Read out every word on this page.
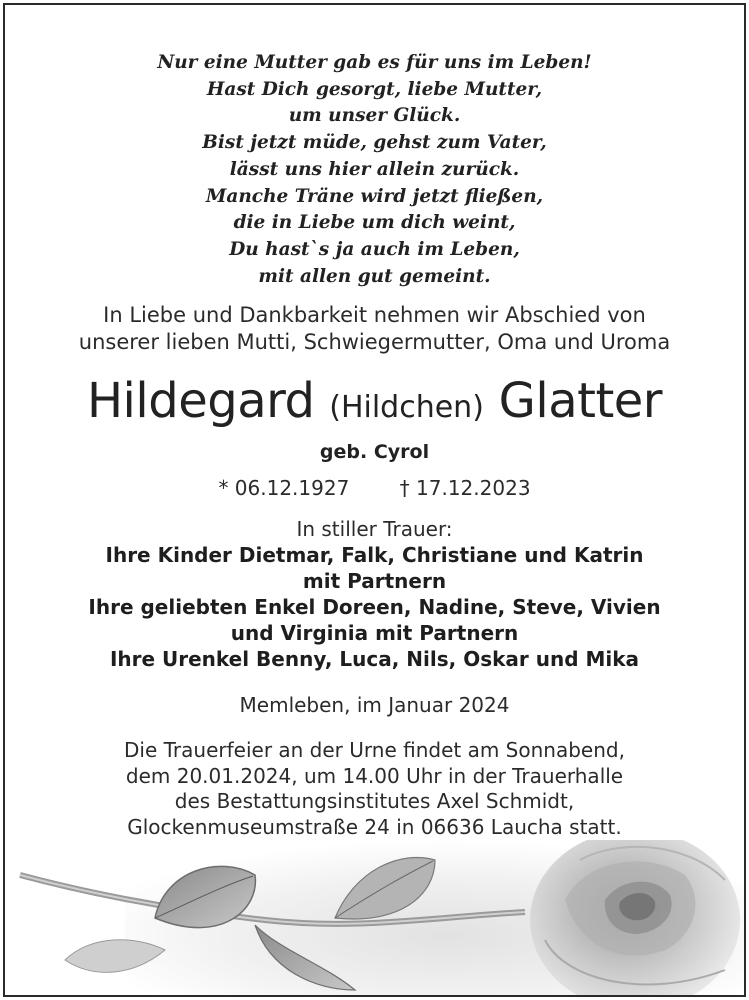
Nur eine Mutter gab es für uns im Leben!
Hast Dich gesorgt, liebe Mutter,
um unser Glück.
Bist jetzt müde, gehst zum Vater,
lässt uns hier allein zurück.
Manche Träne wird jetzt fließen,
die in Liebe um dich weint,
Du hast`s ja auch im Leben,
mit allen gut gemeint.
In Liebe und Dankbarkeit nehmen wir Abschied von
unserer lieben Mutti, Schwiegermutter, Oma und Uroma
Hildegard (Hildchen) Glatter
geb. Cyrol
* 06.12.1927	† 17.12.2023
In stiller Trauer:
Ihre Kinder Dietmar, Falk, Christiane und Katrin
mit Partnern
Ihre geliebten Enkel Doreen, Nadine, Steve, Vivien
und Virginia mit Partnern
Ihre Urenkel Benny, Luca, Nils, Oskar und Mika
Memleben, im Januar 2024
Die Trauerfeier an der Urne findet am Sonnabend,
dem 20.01.2024, um 14.00 Uhr in der Trauerhalle
des Bestattungsinstitutes Axel Schmidt,
Glockenmuseumstraße 24 in 06636 Laucha statt.
